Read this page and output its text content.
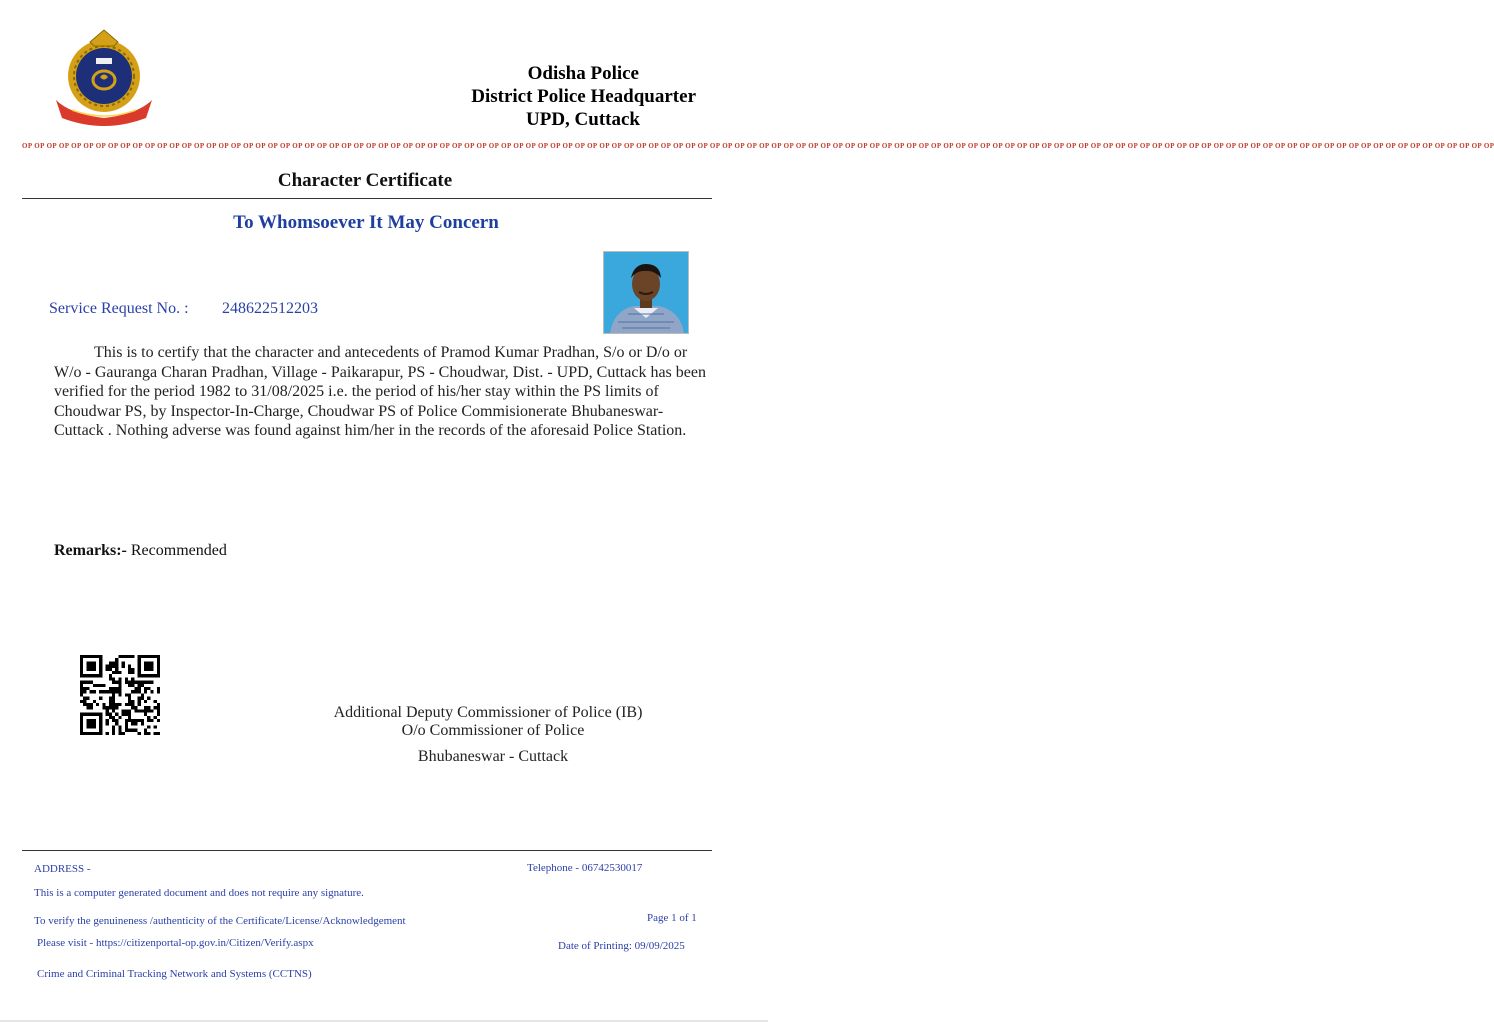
Odisha Police
District Police Headquarter
UPD, Cuttack
OP OP OP OP OP OP OP OP OP OP OP OP OP OP OP OP OP OP OP OP OP OP OP OP OP OP OP OP OP OP OP OP OP OP OP OP OP OP OP OP OP OP OP OP OP OP OP OP OP OP OP OP OP OP OP OP OP OP OP OP OP OP OP OP OP OP OP OP OP OP OP OP OP OP OP OP OP OP OP OP OP OP OP OP OP OP OP OP OP OP OP OP OP OP OP OP OP OP OP OP OP OP OP OP OP OP OP OP OP OP OP OP OP OP OP OP OP OP OP OP
Character Certificate
To Whomsoever It May Concern
Service Request No. : 248622512203
This is to certify that the character and antecedents of Pramod Kumar Pradhan, S/o or D/o or W/o - Gauranga Charan Pradhan, Village - Paikarapur, PS - Choudwar, Dist. - UPD, Cuttack has been verified for the period 1982 to 31/08/2025 i.e. the period of his/her stay within the PS limits of Choudwar PS, by Inspector-In-Charge, Choudwar PS of Police Commisionerate Bhubaneswar-Cuttack . Nothing adverse was found against him/her in the records of the aforesaid Police Station.
Remarks:- Recommended
Additional Deputy Commissioner of Police (IB)
O/o Commissioner of Police
Bhubaneswar - Cuttack
ADDRESS -	Telephone - 06742530017
This is a computer generated document and does not require any signature.
To verify the genuineness /authenticity of the Certificate/License/Acknowledgement	Page 1 of 1
Please visit - https://citizenportal-op.gov.in/Citizen/Verify.aspx	Date of Printing: 09/09/2025
Crime and Criminal Tracking Network and Systems (CCTNS)
